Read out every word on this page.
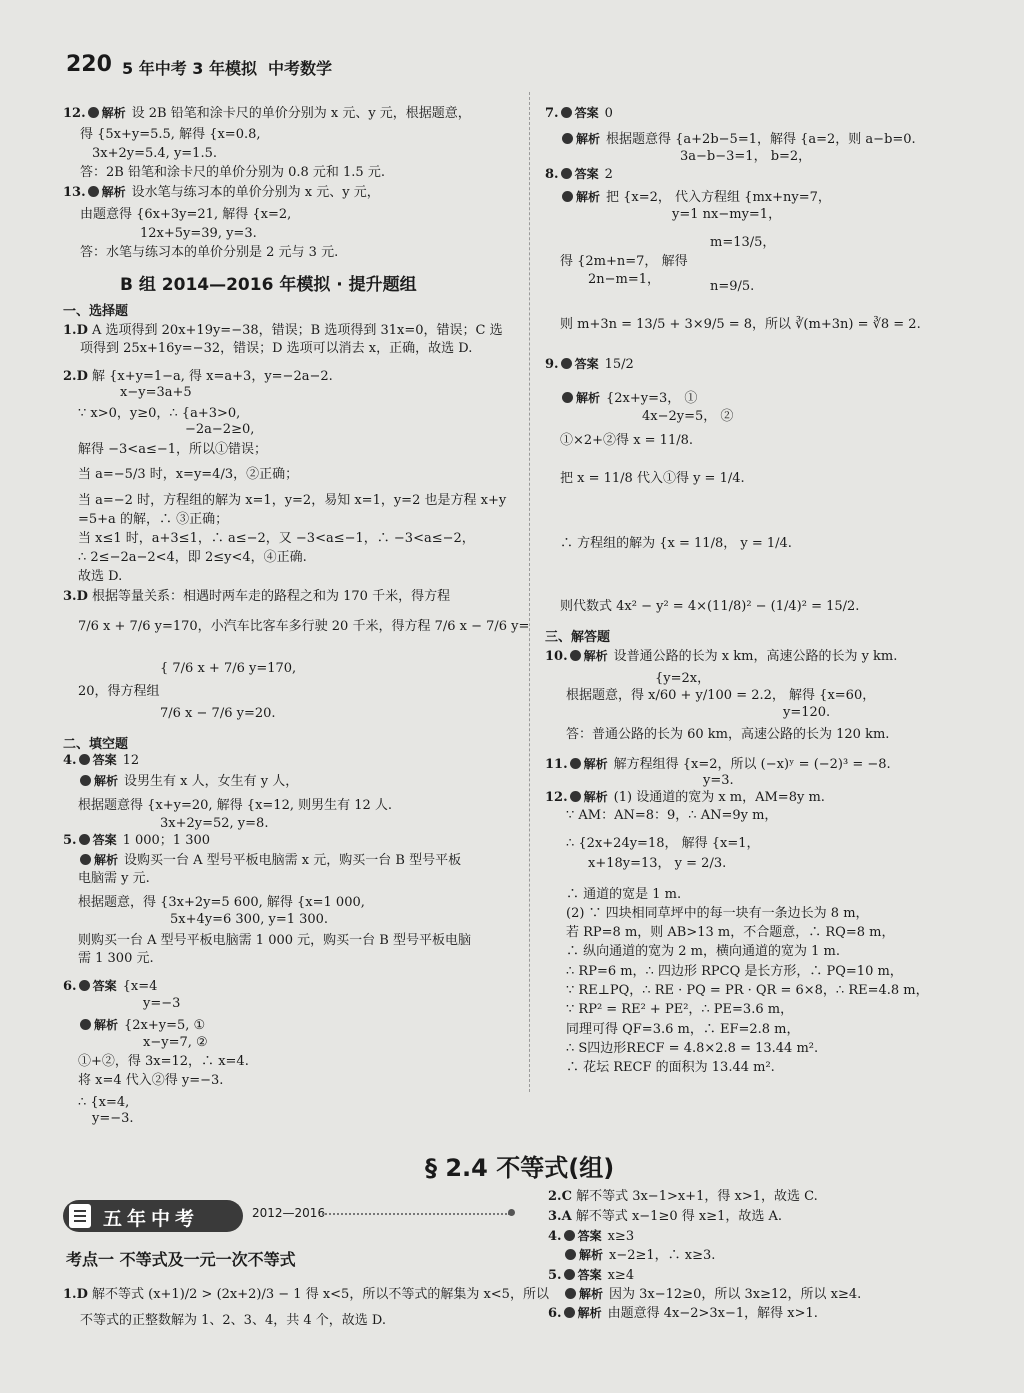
220 5 年中考 3 年模拟 中考数学
12. 解析 设 2B 铅笔和涂卡尺的单价分别为 x 元、y 元，根据题意，
得 {5x+y=5.5, 解得 {x=0.8,
3x+2y=5.4, y=1.5.
答：2B 铅笔和涂卡尺的单价分别为 0.8 元和 1.5 元.
13. 解析 设水笔与练习本的单价分别为 x 元、y 元，
由题意得 {6x+3y=21, 解得 {x=2,
12x+5y=39, y=3.
答：水笔与练习本的单价分别是 2 元与 3 元.
1.D A 选项得到 20x+19y=−38，错误；B 选项得到 31x=0，错误；C 选
项得到 25x+16y=−32，错误；D 选项可以消去 x，正确，故选 D.
2.D 解 {x+y=1−a, 得 x=a+3，y=−2a−2.
x−y=3a+5
∵ x>0，y≥0，∴ {a+3>0,
−2a−2≥0,
解得 −3<a≤−1，所以①错误；
当 a=−5/3 时，x=y=4/3，②正确；
当 a=−2 时，方程组的解为 x=1，y=2，易知 x=1，y=2 也是方程 x+y
=5+a 的解，∴ ③正确；
当 x≤1 时，a+3≤1，∴ a≤−2，又 −3<a≤−1，∴ −3<a≤−2，
∴ 2≤−2a−2<4，即 2≤y<4，④正确.
故选 D.
3.D 根据等量关系：相遇时两车走的路程之和为 170 千米，得方程
7/6 x + 7/6 y=170，小汽车比客车多行驶 20 千米，得方程 7/6 x − 7/6 y=
{ 7/6 x + 7/6 y=170,
20，得方程组
7/6 x − 7/6 y=20.
4. 答案 12
解析 设男生有 x 人，女生有 y 人，
根据题意得 {x+y=20, 解得 {x=12, 则男生有 12 人.
3x+2y=52, y=8.
5. 答案 1 000；1 300
解析 设购买一台 A 型号平板电脑需 x 元，购买一台 B 型号平板
电脑需 y 元.
根据题意，得 {3x+2y=5 600, 解得 {x=1 000,
5x+4y=6 300, y=1 300.
则购买一台 A 型号平板电脑需 1 000 元，购买一台 B 型号平板电脑
需 1 300 元.
6. 答案 {x=4
y=−3
解析 {2x+y=5, ①
x−y=7, ②
①+②，得 3x=12，∴ x=4.
将 x=4 代入②得 y=−3.
∴ {x=4,
y=−3.
7. 答案 0
解析 根据题意得 {a+2b−5=1，解得 {a=2，则 a−b=0.
3a−b−3=1， b=2，
8. 答案 2
解析 把 {x=2， 代入方程组 {mx+ny=7，
y=1 nx−my=1，
m=13/5，
得 {2m+n=7， 解得
2n−m=1，	n=9/5.
则 m+3n = 13/5 + 3×9/5 = 8，所以 ∛(m+3n) = ∛8 = 2.
9. 答案 15/2
解析 {2x+y=3， ①
4x−2y=5， ②
①×2+②得 x = 11/8.
把 x = 11/8 代入①得 y = 1/4.
∴ 方程组的解为 {x = 11/8， y = 1/4.
则代数式 4x² − y² = 4×(11/8)² − (1/4)² = 15/2.
10. 解析 设普通公路的长为 x km，高速公路的长为 y km.
{y=2x，
根据题意，得 x/60 + y/100 = 2.2， 解得 {x=60，
y=120.
答：普通公路的长为 60 km，高速公路的长为 120 km.
11. 解析 解方程组得 {x=2，所以 (−x)ʸ = (−2)³ = −8.
y=3.
12. 解析 (1) 设通道的宽为 x m，AM=8y m.
∵ AM：AN=8：9，∴ AN=9y m，
∴ {2x+24y=18， 解得 {x=1，
x+18y=13， y = 2/3.
∴ 通道的宽是 1 m.
(2) ∵ 四块相同草坪中的每一块有一条边长为 8 m，
若 RP=8 m，则 AB>13 m，不合题意，∴ RQ=8 m，
∴ 纵向通道的宽为 2 m，横向通道的宽为 1 m.
∴ RP=6 m，∴ 四边形 RPCQ 是长方形，∴ PQ=10 m，
∵ RE⊥PQ，∴ RE · PQ = PR · QR = 6×8，∴ RE=4.8 m，
∵ RP² = RE² + PE²，∴ PE=3.6 m，
同理可得 QF=3.6 m，∴ EF=2.8 m，
∴ S四边形RECF = 4.8×2.8 = 13.44 m².
∴ 花坛 RECF 的面积为 13.44 m².
B 组 2014—2016 年模拟 · 提升题组
一、选择题
二、填空题
三、解答题
§ 2.4 不等式(组)
五年中考	2012—2016
考点一 不等式及一元一次不等式
1.D 解不等式 (x+1)/2 > (2x+2)/3 − 1 得 x<5，所以不等式的解集为 x<5，所以
不等式的正整数解为 1、2、3、4，共 4 个，故选 D.
2.C 解不等式 3x−1>x+1，得 x>1，故选 C.
3.A 解不等式 x−1≥0 得 x≥1，故选 A.
4. 答案 x≥3
解析 x−2≥1，∴ x≥3.
5. 答案 x≥4
解析 因为 3x−12≥0，所以 3x≥12，所以 x≥4.
6. 解析 由题意得 4x−2>3x−1，解得 x>1.
